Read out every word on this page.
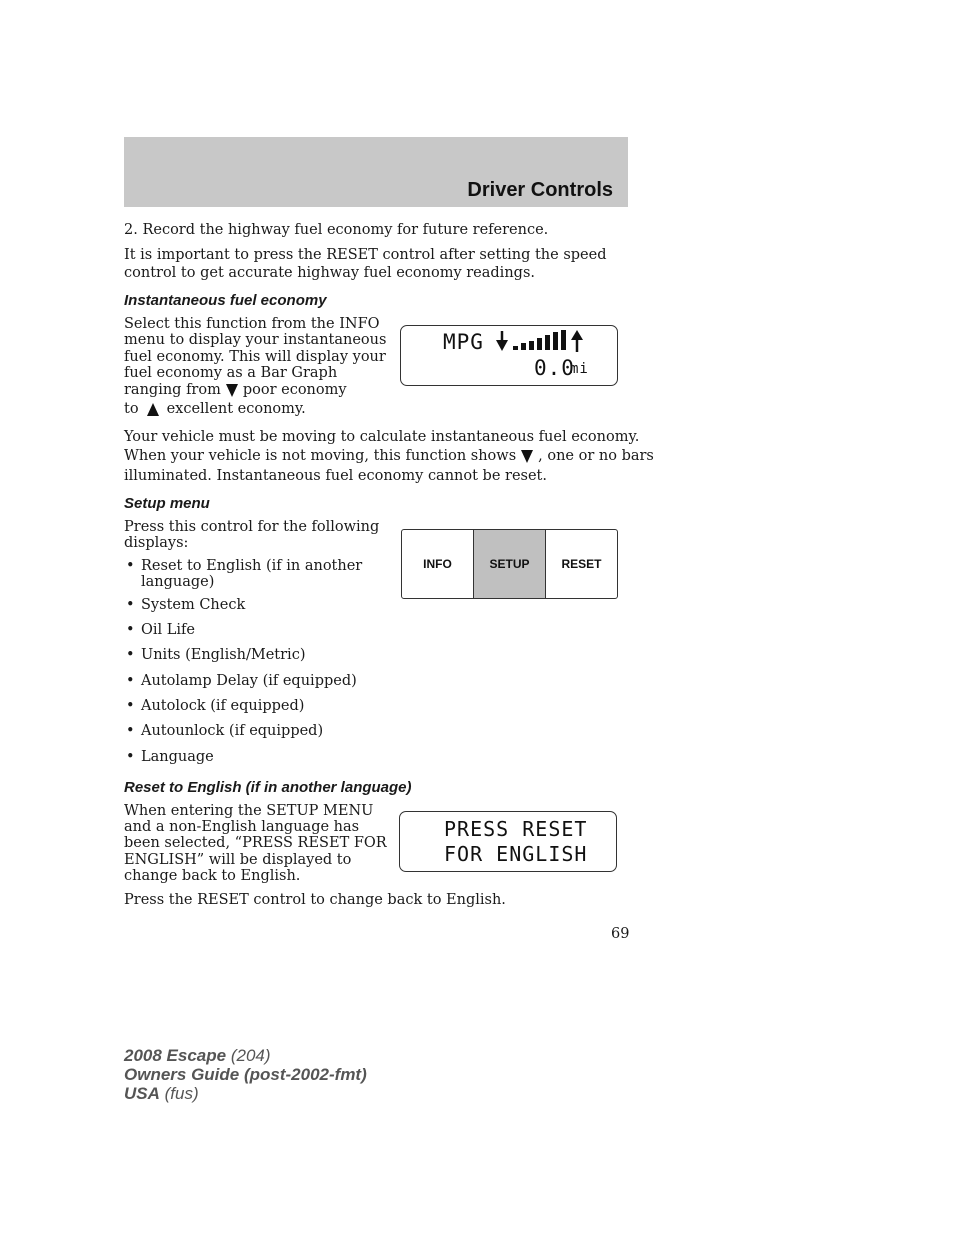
Driver Controls
2. Record the highway fuel economy for future reference.
It is important to press the RESET control after setting the speed
control to get accurate highway fuel economy readings.
Instantaneous fuel economy
Select this function from the INFO
menu to display your instantaneous
fuel economy. This will display your
fuel economy as a Bar Graph
ranging from poor economy
to excellent economy.
MPG
0.0
mi
Your vehicle must be moving to calculate instantaneous fuel economy.
When your vehicle is not moving, this function shows , one or no bars
illuminated. Instantaneous fuel economy cannot be reset.
Setup menu
Press this control for the following
displays:
• Reset to English (if in another
language)
• System Check
• Oil Life
• Units (English/Metric)
• Autolamp Delay (if equipped)
• Autolock (if equipped)
• Autounlock (if equipped)
• Language
INFO	SETUP	RESET
Reset to English (if in another language)
When entering the SETUP MENU
and a non-English language has
been selected, “PRESS RESET FOR
ENGLISH” will be displayed to
change back to English.
PRESS RESET
FOR ENGLISH
Press the RESET control to change back to English.
69
2008 Escape (204)
Owners Guide (post-2002-fmt)
USA (fus)
